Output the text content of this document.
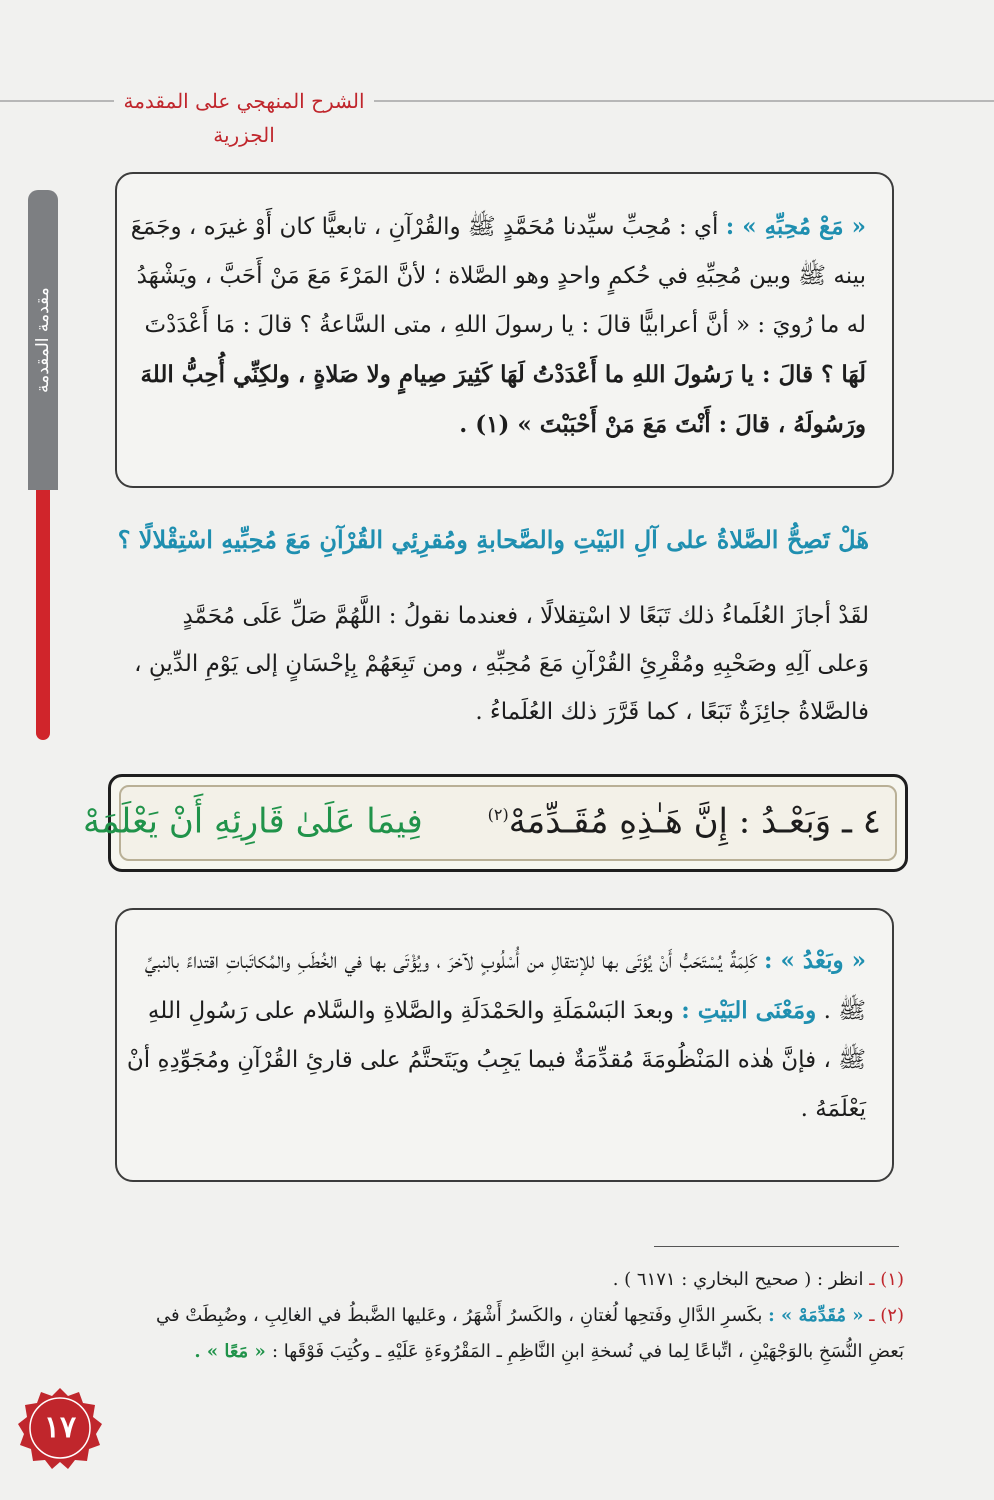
الشرح المنهجي على المقدمة الجزرية
مقدمة المقدمة
« مَعْ مُحِبِّهِ » : أي : مُحِبِّ سيِّدنا مُحَمَّدٍ ﷺ والقُرْآنِ ، تابعيًّا كان أَوْ غيرَه ، وجَمَعَ بينه ﷺ وبين مُحِبِّهِ في حُكمٍ واحدٍ وهو الصَّلاة ؛ لأنَّ المَرْءَ مَعَ مَنْ أَحَبَّ ، ويَشْهَدُ له ما رُويَ : « أنَّ أعرابيًّا قالَ : يا رسولَ اللهِ ، متى السَّاعةُ ؟ قالَ : مَا أَعْدَدْتَ لَهَا ؟ قالَ : يا رَسُولَ اللهِ ما أَعْدَدْتُ لَهَا كَثِيرَ صِيامٍ ولا صَلاةٍ ، ولكِنِّي أُحِبُّ اللهَ ورَسُولَهُ ، قالَ : أَنْتَ مَعَ مَنْ أَحْبَبْتَ » (١) .
هَلْ تَصِحُّ الصَّلاةُ على آلِ البَيْتِ والصَّحابةِ ومُقرِئِي القُرْآنِ مَعَ مُحِبِّيهِ اسْتِقْلالًا ؟
لقَدْ أجازَ العُلَماءُ ذلك تَبَعًا لا اسْتِقلالًا ، فعندما نقولُ : اللَّهُمَّ صَلِّ عَلَى مُحَمَّدٍ
وَعلى آلِهِ وصَحْبِهِ ومُقْرِئِ القُرْآنِ مَعَ مُحِبِّهِ ، ومن تَبِعَهُمْ بِإحْسَانٍ إلى يَوْمِ الدِّينِ ،
فالصَّلاةُ جائِزَةٌ تَبَعًا ، كما قَرَّرَ ذلك العُلَماءُ .
٤ ـ وَبَعْـدُ : إِنَّ هَـٰذِهِ مُقَـدِّمَهْ$^{(٢)}$      فِيمَا عَلَىٰ قَارِئِهِ أَنْ يَعْلَمَهْ
« وبَعْدُ » : كَلِمَةٌ يُسْتَحَبُّ أَنْ يُؤتَى بها للإنتقالِ من أُسْلُوبٍ لآخرَ ، ويُؤْتَى بها في الخُطَبِ والمُكاتَباتِ اقتداءً بالنبيِّ ﷺ . ومَعْنَى البَيْتِ : وبعدَ البَسْمَلَةِ والحَمْدَلَةِ والصَّلاةِ والسَّلام على رَسُولِ اللهِ ﷺ ، فإنَّ هٰذه المَنْظُومَةَ مُقدِّمَةٌ فيما يَجِبُ ويَتَحتَّمُ على قارئِ القُرْآنِ ومُجَوِّدِهِ أنْ يَعْلَمَهُ .
(١) ـ انظر : ( صحيح البخاري : ٦١٧١ ) .
(٢) ـ « مُقَدِّمَهْ » : بكَسرِ الدَّالِ وفَتحِها لُغتانِ ، والكَسرُ أَشْهَرُ ، وعَليها الضَّبطُ في الغالِبِ ، وضُبِطَتْ في
بَعضِ النُّسَخِ بالوَجْهَيْنِ ، اتِّباعًا لِما في نُسخةِ ابنِ النَّاظِمِ ـ المَقْرُوءَةِ عَلَيْهِ ـ وكُتِبَ فَوْقَها : « مَعًا » .
١٧
